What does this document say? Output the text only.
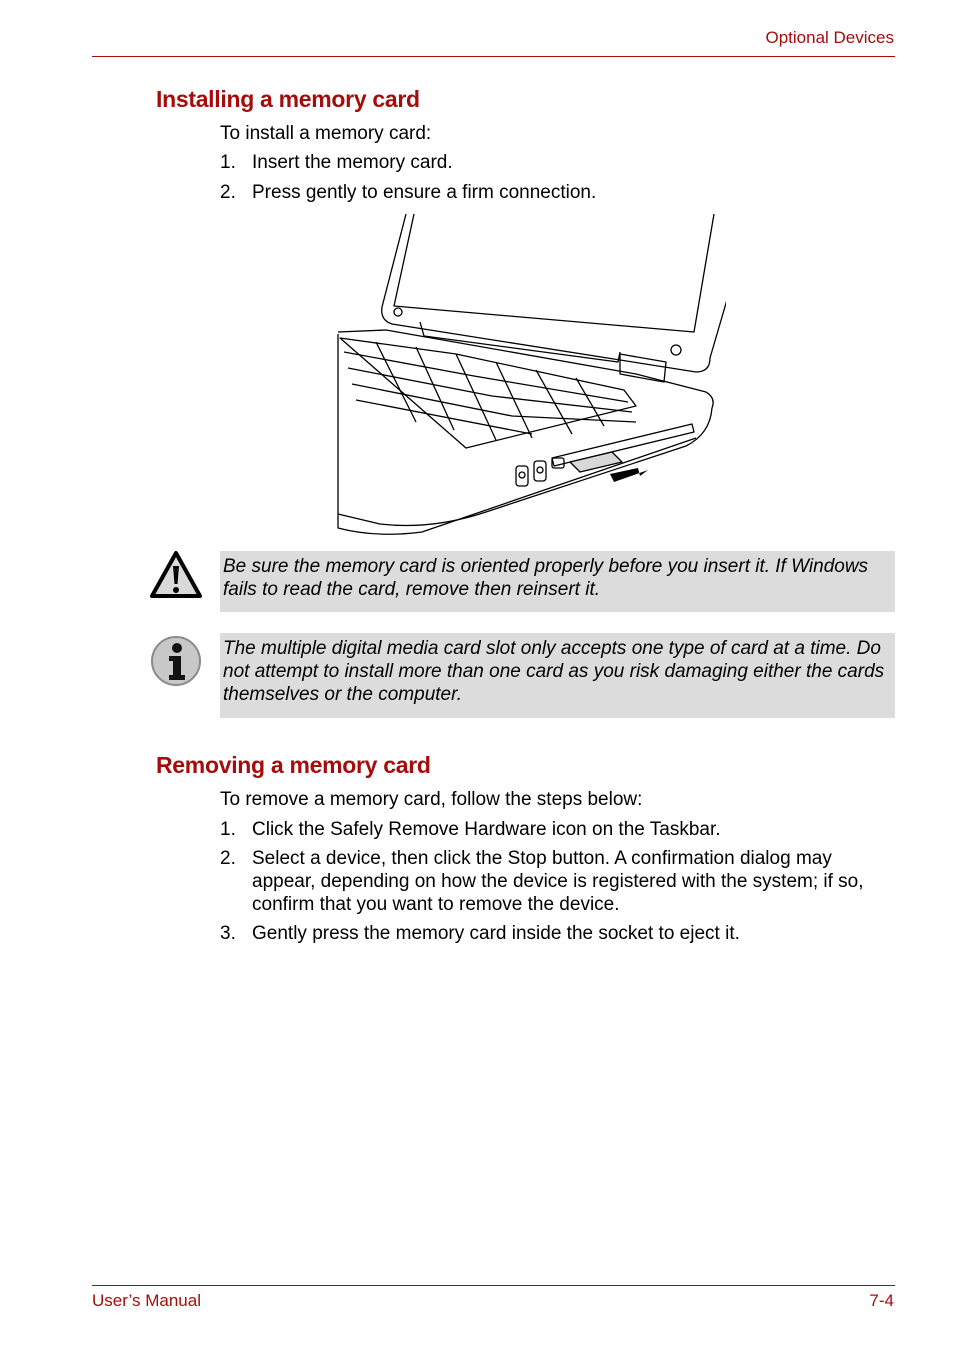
Optional Devices
Installing a memory card
To install a memory card:
1. Insert the memory card.
2. Press gently to ensure a firm connection.
Be sure the memory card is oriented properly before you insert it. If Windows fails to read the card, remove then reinsert it.
The multiple digital media card slot only accepts one type of card at a time. Do not attempt to install more than one card as you risk damaging either the cards themselves or the computer.
Removing a memory card
To remove a memory card, follow the steps below:
1. Click the Safely Remove Hardware icon on the Taskbar.
2. Select a device, then click the Stop button. A confirmation dialog may appear, depending on how the device is registered with the system; if so, confirm that you want to remove the device.
3. Gently press the memory card inside the socket to eject it.
User’s Manual	7-4
